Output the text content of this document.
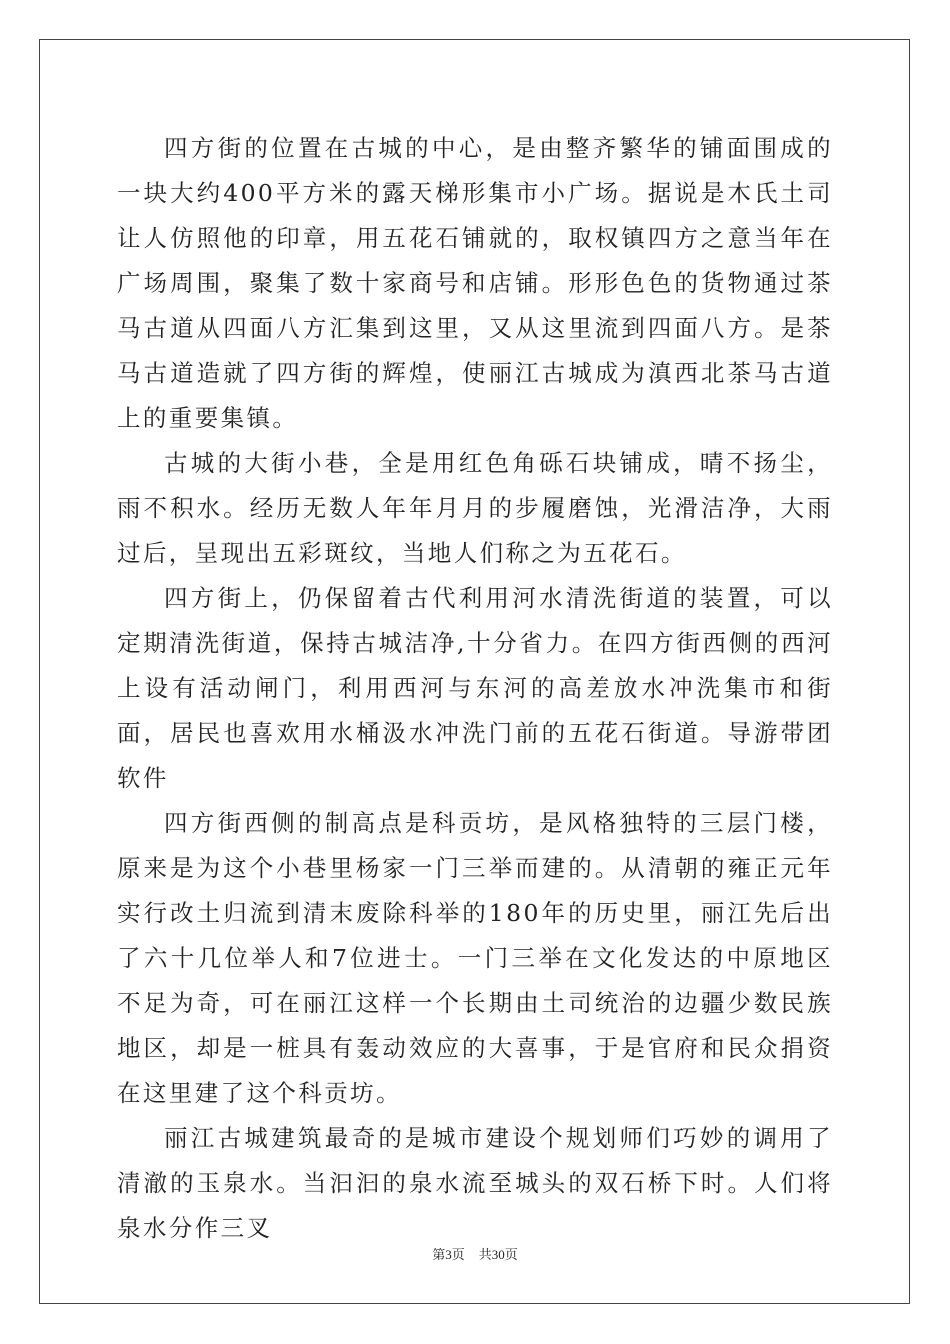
四方街的位置在古城的中心，是由整齐繁华的铺面围成的一块大约400平方米的露天梯形集市小广场。据说是木氏土司让人仿照他的印章，用五花石铺就的，取权镇四方之意当年在广场周围，聚集了数十家商号和店铺。形形色色的货物通过茶马古道从四面八方汇集到这里，又从这里流到四面八方。是茶马古道造就了四方街的辉煌，使丽江古城成为滇西北茶马古道上的重要集镇。

古城的大街小巷，全是用红色角砾石块铺成，晴不扬尘，雨不积水。经历无数人年年月月的步履磨蚀，光滑洁净，大雨过后，呈现出五彩斑纹，当地人们称之为五花石。

四方街上，仍保留着古代利用河水清洗街道的装置，可以定期清洗街道，保持古城洁净,十分省力。在四方街西侧的西河上设有活动闸门，利用西河与东河的高差放水冲洗集市和街面，居民也喜欢用水桶汲水冲洗门前的五花石街道。导游带团软件

四方街西侧的制高点是科贡坊，是风格独特的三层门楼，原来是为这个小巷里杨家一门三举而建的。从清朝的雍正元年实行改土归流到清末废除科举的180年的历史里，丽江先后出了六十几位举人和7位进士。一门三举在文化发达的中原地区不足为奇，可在丽江这样一个长期由土司统治的边疆少数民族地区，却是一桩具有轰动效应的大喜事，于是官府和民众捐资在这里建了这个科贡坊。

丽江古城建筑最奇的是城市建设个规划师们巧妙的调用了清澈的玉泉水。当汩汩的泉水流至城头的双石桥下时。人们将泉水分作三叉

第3页 共30页
